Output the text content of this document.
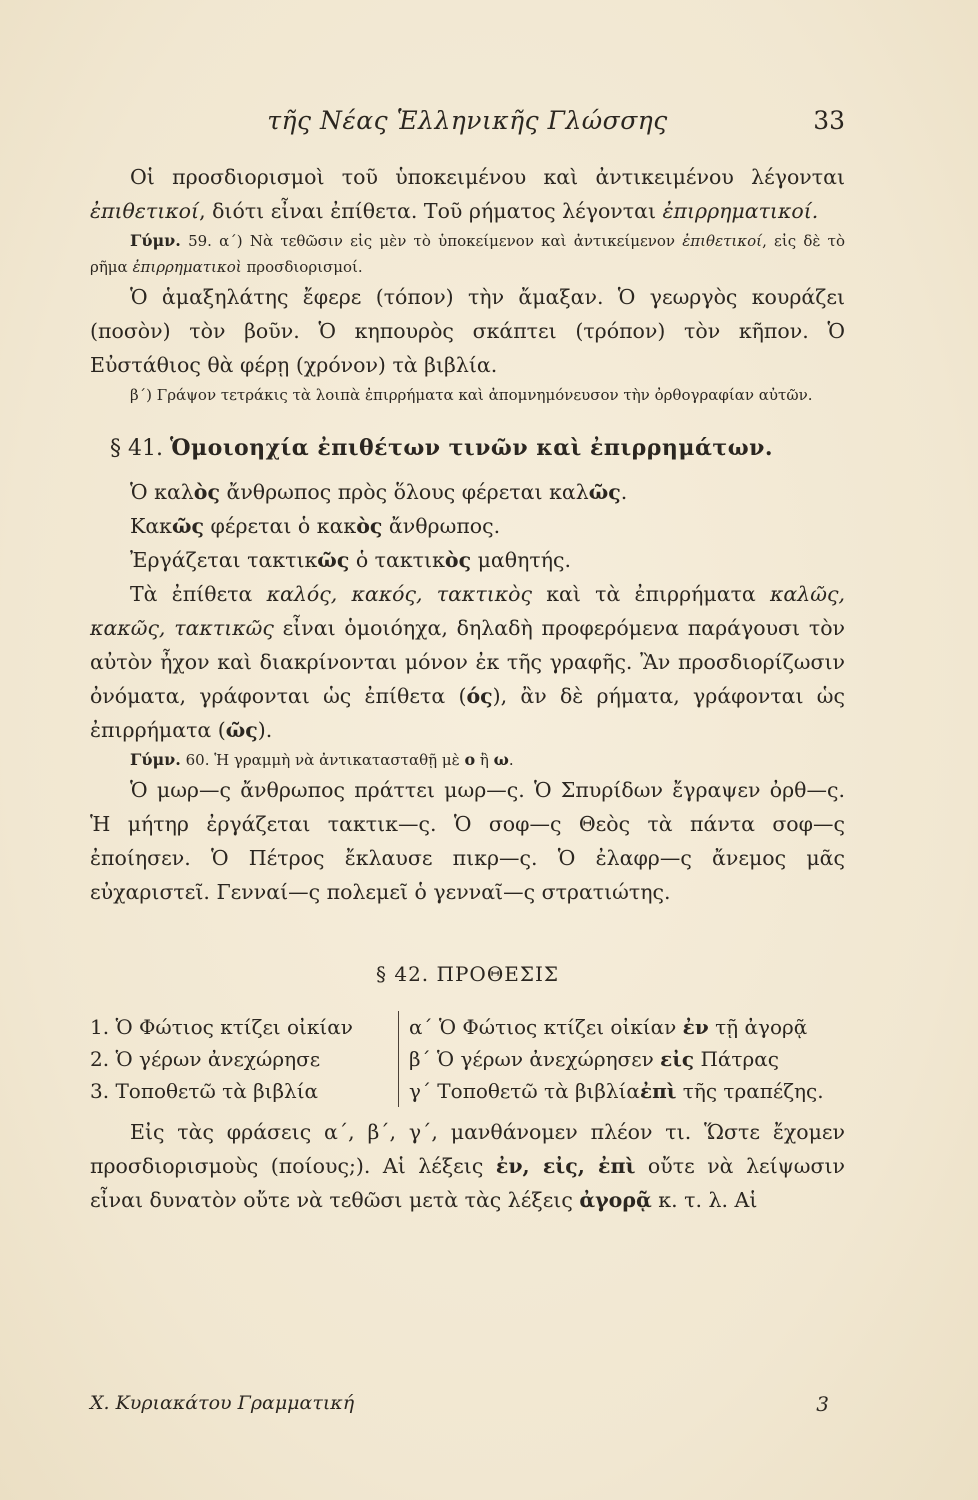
τῆς Νέας Ἑλληνικῆς Γλώσσης	33

Οἱ προσδιορισμοὶ τοῦ ὑποκειμένου καὶ ἀντικειμένου λέγονται ἐπιθετικοί, διότι εἶναι ἐπίθετα. Τοῦ ρήματος λέγονται ἐπιρρηματικοί.

Γύμν. 59. α΄) Νὰ τεθῶσιν εἰς μὲν τὸ ὑποκείμενον καὶ ἀντικείμενον ἐπιθετικοί, εἰς δὲ τὸ ρῆμα ἐπιρρηματικοὶ προσδιορισμοί.

Ὁ ἁμαξηλάτης ἔφερε (τόπον) τὴν ἄμαξαν. Ὁ γεωργὸς κουράζει (ποσὸν) τὸν βοῦν. Ὁ κηπουρὸς σκάπτει (τρόπον) τὸν κῆπον. Ὁ Εὐστάθιος θὰ φέρῃ (χρόνον) τὰ βιβλία.

β΄) Γράψον τετράκις τὰ λοιπὰ ἐπιρρήματα καὶ ἀπομνημόνευσον τὴν ὀρθογραφίαν αὐτῶν.

§ 41. Ὁμοιοηχία ἐπιθέτων τινῶν καὶ ἐπιρρημάτων.

Ὁ καλὸς ἄνθρωπος πρὸς ὅλους φέρεται καλῶς.

Κακῶς φέρεται ὁ κακὸς ἄνθρωπος.

Ἐργάζεται τακτικῶς ὁ τακτικὸς μαθητής.

Τὰ ἐπίθετα καλός, κακός, τακτικὸς καὶ τὰ ἐπιρρήματα καλῶς, κακῶς, τακτικῶς εἶναι ὁμοιόηχα, δηλαδὴ προφερόμενα παράγουσι τὸν αὐτὸν ἦχον καὶ διακρίνονται μόνον ἐκ τῆς γραφῆς. Ἂν προσδιορίζωσιν ὀνόματα, γράφονται ὡς ἐπίθετα (ός), ἂν δὲ ρήματα, γράφονται ὡς ἐπιρρήματα (ῶς).

Γύμν. 60. Ἡ γραμμὴ νὰ ἀντικατασταθῇ μὲ ο ἢ ω.

Ὁ μωρ—ς ἄνθρωπος πράττει μωρ—ς. Ὁ Σπυρίδων ἔγραψεν ὀρθ—ς. Ἡ μήτηρ ἐργάζεται τακτικ—ς. Ὁ σοφ—ς Θεὸς τὰ πάντα σοφ—ς ἐποίησεν. Ὁ Πέτρος ἔκλαυσε πικρ—ς. Ὁ ἐλαφρ—ς ἄνεμος μᾶς εὐχαριστεῖ. Γενναί—ς πολεμεῖ ὁ γενναῖ—ς στρατιώτης.

§ 42. ΠΡΟΘΕΣΙΣ
1. Ὁ Φώτιος κτίζει οἰκίαν
2. Ὁ γέρων ἀνεχώρησε
3. Τοποθετῶ τὰ βιβλία
α΄ Ὁ Φώτιος κτίζει οἰκίαν ἐν τῇ ἀγορᾷ
β΄ Ὁ γέρων ἀνεχώρησεν εἰς Πάτρας
γ΄ Τοποθετῶ τὰ βιβλίαἐπὶ τῆς τραπέζης.

Εἰς τὰς φράσεις α΄, β΄, γ΄, μανθάνομεν πλέον τι. Ὥστε ἔχομεν προσδιορισμοὺς (ποίους;). Αἱ λέξεις ἐν, εἰς, ἐπὶ οὔτε νὰ λείψωσιν εἶναι δυνατὸν οὔτε νὰ τεθῶσι μετὰ τὰς λέξεις ἀγορᾷ κ. τ. λ. Αἱ

Χ. Κυριακάτου Γραμματική	3
